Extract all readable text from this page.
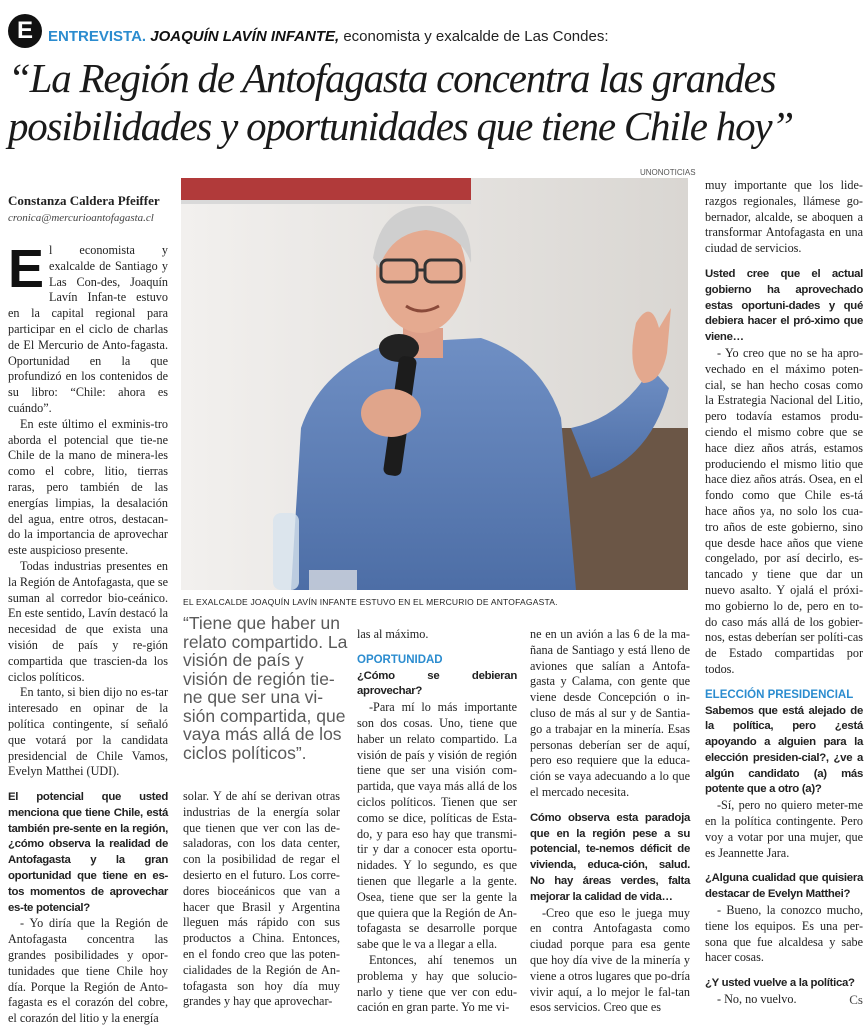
E	ENTREVISTA. JOAQUÍN LAVÍN INFANTE, economista y exalcalde de Las Condes:
“La Región de Antofagasta concentra las grandes posibilidades y oportunidades que tiene Chile hoy”
UNONOTICIAS
Constanza Caldera Pfeiffer
cronica@mercurioantofagasta.cl
EL EXALCALDE JOAQUÍN LAVÍN INFANTE ESTUVO EN EL MERCURIO DE ANTOFAGASTA.

El economista y exalcalde de Santiago y Las Con-des, Joaquín Lavín Infan-te estuvo en la capital regional para participar en el ciclo de charlas de El Mercurio de Anto-fagasta. Oportunidad en la que profundizó en los contenidos de su libro: “Chile: ahora es cuándo”.

En este último el exminis-tro aborda el potencial que tie-ne Chile de la mano de minera-les como el cobre, litio, tierras raras, pero también de las energías limpias, la desalación del agua, entre otros, destacan-do la importancia de aprovechar este auspicioso presente.

Todas industrias presentes en la Región de Antofagasta, que se suman al corredor bio-ceánico. En este sentido, Lavín destacó la necesidad de que exista una visión de país y re-gión compartida que trascien-da los ciclos políticos.

En tanto, si bien dijo no es-tar interesado en opinar de la política contingente, sí señaló que votará por la candidata presidencial de Chile Vamos, Evelyn Matthei (UDI).

El potencial que usted menciona que tiene Chile, está también pre-sente en la región, ¿cómo observa la realidad de Antofagasta y la gran oportunidad que tiene en es-tos momentos de aprovechar es-te potencial?

- Yo diría que la Región de Antofagasta concentra las grandes posibilidades y opor-tunidades que tiene Chile hoy día. Porque la Región de Anto-fagasta es el corazón del cobre, el corazón del litio y la energía

“Tiene que haber un relato compartido. La visión de país y visión de región tie-ne que ser una vi-sión compartida, que vaya más allá de los ciclos políticos”.

solar. Y de ahí se derivan otras industrias de la energía solar que tienen que ver con las de-saladoras, con los data center, con la posibilidad de regar el desierto en el futuro. Los corre-dores bioceánicos que van a hacer que Brasil y Argentina lleguen más rápido con sus productos a China. Entonces, en el fondo creo que las poten-cialidades de la Región de An-tofagasta son hoy día muy grandes y hay que aprovechar-

las al máximo.

OPORTUNIDAD

¿Cómo se debieran aprovechar?

-Para mí lo más importante son dos cosas. Uno, tiene que haber un relato compartido. La visión de país y visión de región tiene que ser una visión com-partida, que vaya más allá de los ciclos políticos. Tienen que ser como se dice, políticas de Esta-do, y para eso hay que transmi-tir y dar a conocer esta oportu-nidades. Y lo segundo, es que tienen que llegarle a la gente. Osea, tiene que ser la gente la que quiera que la Región de An-tofagasta se desarrolle porque sabe que le va a llegar a ella.

Entonces, ahí tenemos un problema y hay que solucio-narlo y tiene que ver con edu-cación en gran parte. Yo me vi-

ne en un avión a las 6 de la ma-ñana de Santiago y está lleno de aviones que salían a Antofa-gasta y Calama, con gente que viene desde Concepción o in-cluso de más al sur y de Santia-go a trabajar en la minería. Esas personas deberían ser de aquí, pero eso requiere que la educa-ción se vaya adecuando a lo que el mercado necesita.

Cómo observa esta paradoja que en la región pese a su potencial, te-nemos déficit de vivienda, educa-ción, salud. No hay áreas verdes, falta mejorar la calidad de vida…

-Creo que eso le juega muy en contra Antofagasta como ciudad porque para esa gente que hoy día vive de la minería y viene a otros lugares que po-dría vivir aquí, a lo mejor le fal-tan esos servicios. Creo que es

muy importante que los lide-razgos regionales, llámese go-bernador, alcalde, se aboquen a transformar Antofagasta en una ciudad de servicios.

Usted cree que el actual gobierno ha aprovechado estas oportuni-dades y qué debiera hacer el pró-ximo que viene…

- Yo creo que no se ha apro-vechado en el máximo poten-cial, se han hecho cosas como la Estrategia Nacional del Litio, pero todavía estamos produ-ciendo el mismo cobre que se hace diez años atrás, estamos produciendo el mismo litio que hace diez años atrás. Osea, en el fondo como que Chile es-tá hace años ya, no solo los cua-tro años de este gobierno, sino que desde hace años que viene congelado, por así decirlo, es-tancado y tiene que dar un nuevo asalto. Y ojalá el próxi-mo gobierno lo de, pero en to-do caso más allá de los gobier-nos, estas deberían ser políti-cas de Estado compartidas por todos.

ELECCIÓN PRESIDENCIAL

Sabemos que está alejado de la política, pero ¿está apoyando a alguien para la elección presiden-cial?, ¿ve a algún candidato (a) más potente que a otro (a)?

-Sí, pero no quiero meter-me en la política contingente. Pero voy a votar por una mujer, que es Jeannette Jara.

¿Alguna cualidad que quisiera destacar de Evelyn Matthei?

- Bueno, la conozco mucho, tiene los equipos. Es una per-sona que fue alcaldesa y sabe hacer cosas.

¿Y usted vuelve a la política?

- No, no vuelvo.	Cs
